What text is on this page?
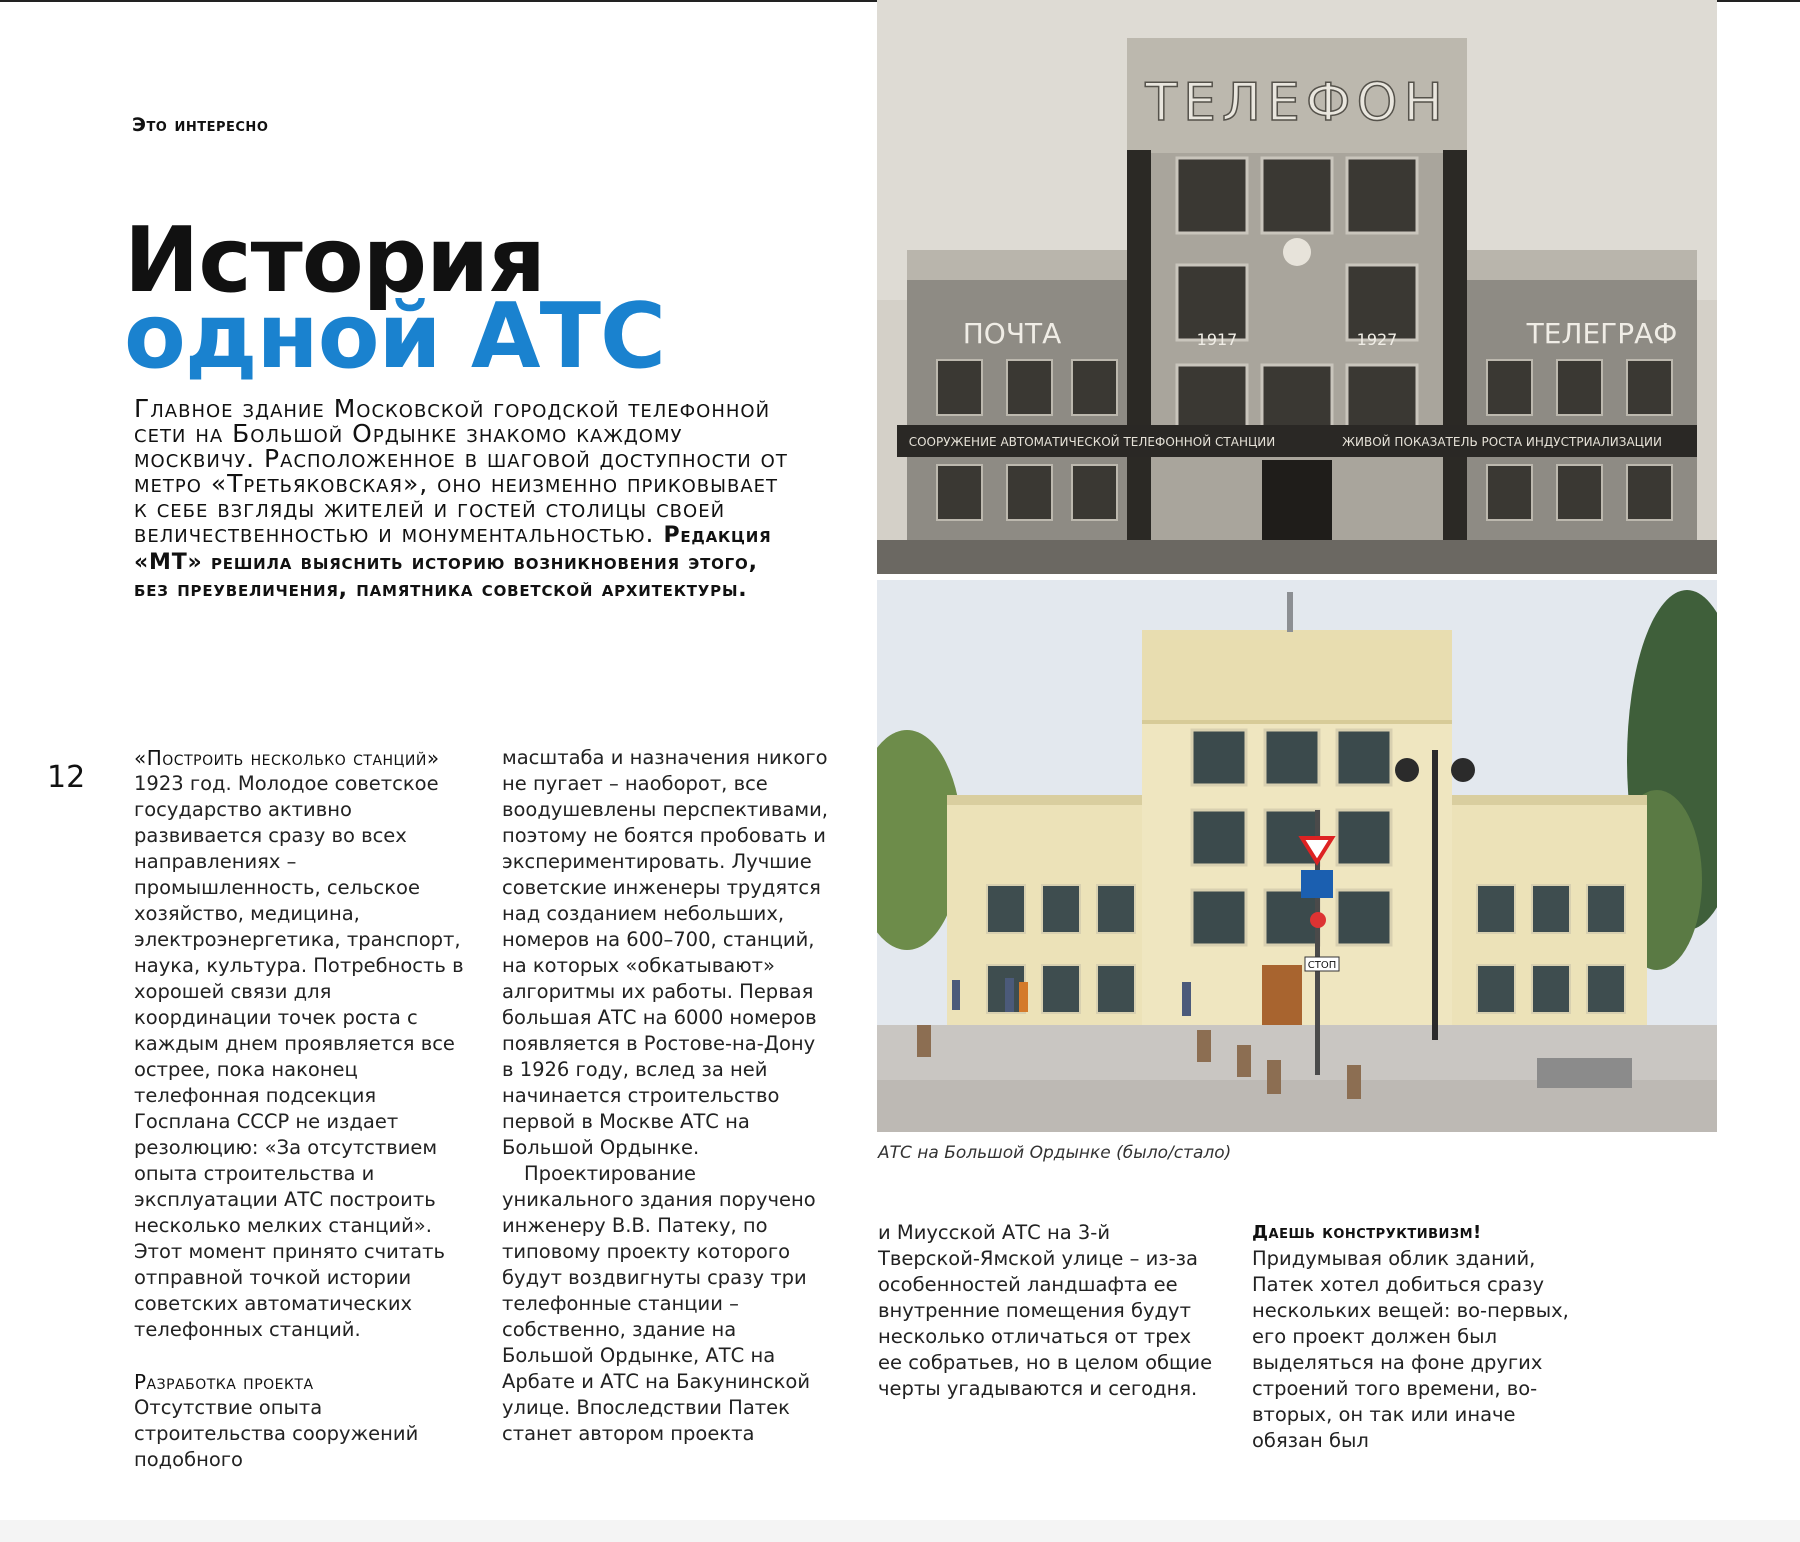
Это интересно
История
одной АТС
Главное здание Московской городской телефонной сети на Большой Ордынке знакомо каждому москвичу. Расположенное в шаговой доступности от метро «Третьяковская», оно неизменно приковывает к себе взгляды жителей и гостей столицы своей величественностью и монументальностью. Редакция «МТ» решила выяснить историю возникновения этого, без преувеличения, памятника советской архитектуры.
12

«Построить несколько станций»

1923 год. Молодое советское государство активно развивается сразу во всех направлениях – промышленность, сельское хозяйство, медицина, электроэнергетика, транспорт, наука, культура. Потребность в хорошей связи для координации точек роста с каждым днем проявляется все острее, пока наконец телефонная подсекция Госплана СССР не издает резолюцию: «За отсутствием опыта строительства и эксплуатации АТС построить несколько мелких станций». Этот момент принято считать отправной точкой истории советских автоматических телефонных станций.

Разработка проекта

Отсутствие опыта строительства сооружений подобного

масштаба и назначения никого не пугает – наоборот, все воодушевлены перспективами, поэтому не боятся пробовать и экспериментировать. Лучшие советские инженеры трудятся над созданием небольших, номеров на 600–700, станций, на которых «обкатывают» алгоритмы их работы. Первая большая АТС на 6000 номеров появляется в Ростове-на-Дону в 1926 году, вслед за ней начинается строительство первой в Москве АТС на Большой Ордынке.

Проектирование уникального здания поручено инженеру В.В. Патеку, по типовому проекту которого будут воздвигнуты сразу три телефонные станции – собственно, здание на Большой Ордынке, АТС на Арбате и АТС на Бакунинской улице. Впоследствии Патек станет автором проекта

и Миусской АТС на 3-й Тверской-Ямской улице – из-за особенностей ландшафта ее внутренние помещения будут несколько отличаться от трех ее собратьев, но в целом общие черты угадываются и сегодня.

Даешь конструктивизм!

Придумывая облик зданий, Патек хотел добиться сразу нескольких вещей: во-первых, его проект должен был выделяться на фоне других строений того времени, во-вторых, он так или иначе обязан был

ТЕЛЕФОН
ПОЧТА	ТЕЛЕГРАФ
1917	1927
СООРУЖЕНИЕ АВТОМАТИЧЕСКОЙ ТЕЛЕФОННОЙ СТАНЦИИ	ЖИВОЙ ПОКАЗАТЕЛЬ РОСТА ИНДУСТРИАЛИЗАЦИИ
СТОП
АТС на Большой Ордынке (было/стало)
